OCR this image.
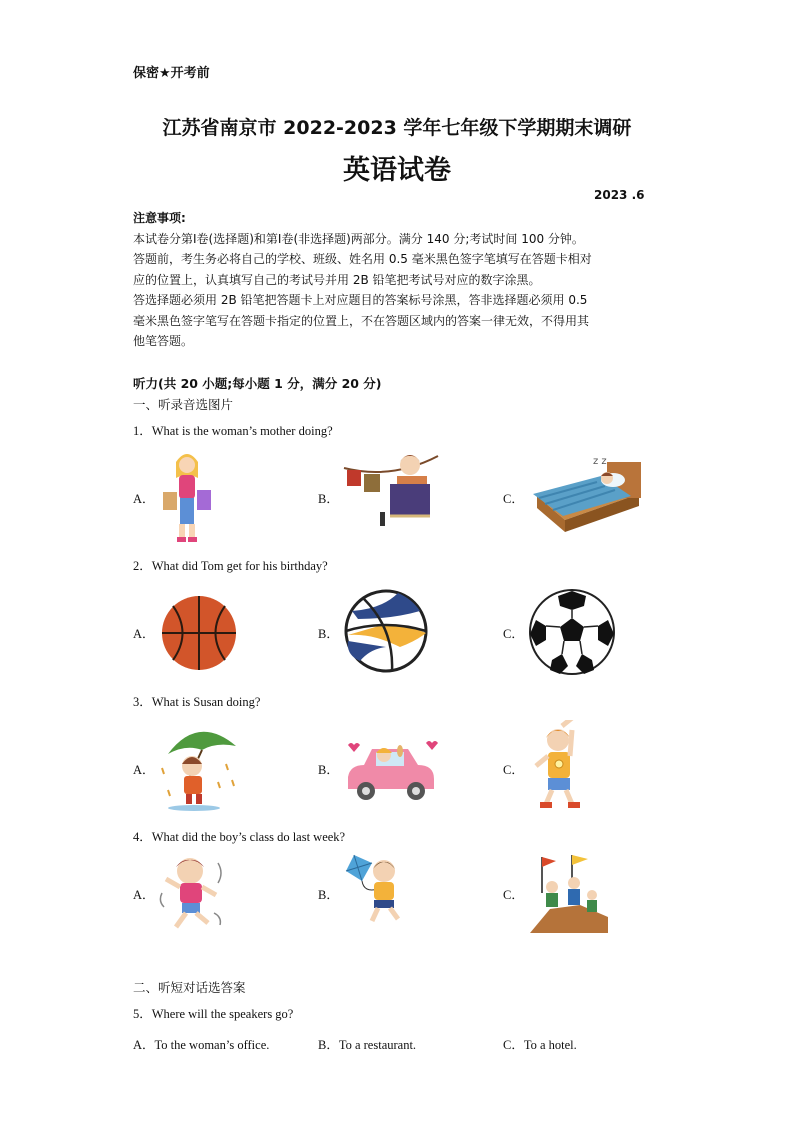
保密★开考前
江苏省南京市 2022-2023 学年七年级下学期期末调研
英语试卷
2023 .6

注意事项:

本试卷分第Ⅰ卷(选择题)和第Ⅰ卷(非选择题)两部分。满分 140 分;考试时间 100 分钟。

答题前，考生务必将自己的学校、班级、姓名用 0.5 毫米黑色签字笔填写在答题卡相对

应的位置上，认真填写自己的考试号并用 2B 铅笔把考试号对应的数字涂黑。

答选择题必须用 2B 铅笔把答题卡上对应题目的答案标号涂黑，答非选择题必须用 0.5

毫米黑色签字笔写在答题卡指定的位置上，不在答题区域内的答案一律无效，不得用其

他笔答题。

听力(共 20 小题;每小题 1 分，满分 20 分)
一、听录音选图片
1．What is the woman’s mother doing?
A．	B．	C．
z z
2．What did Tom get for his birthday?
A．	B．	C．
3．What is Susan doing?
A．	B．	C．
4．What did the boy’s class do last week?
A．	B．	C．
二、听短对话选答案
5．Where will the speakers go?
A．To the woman’s office.	B．To a restaurant.	C．To a hotel.
